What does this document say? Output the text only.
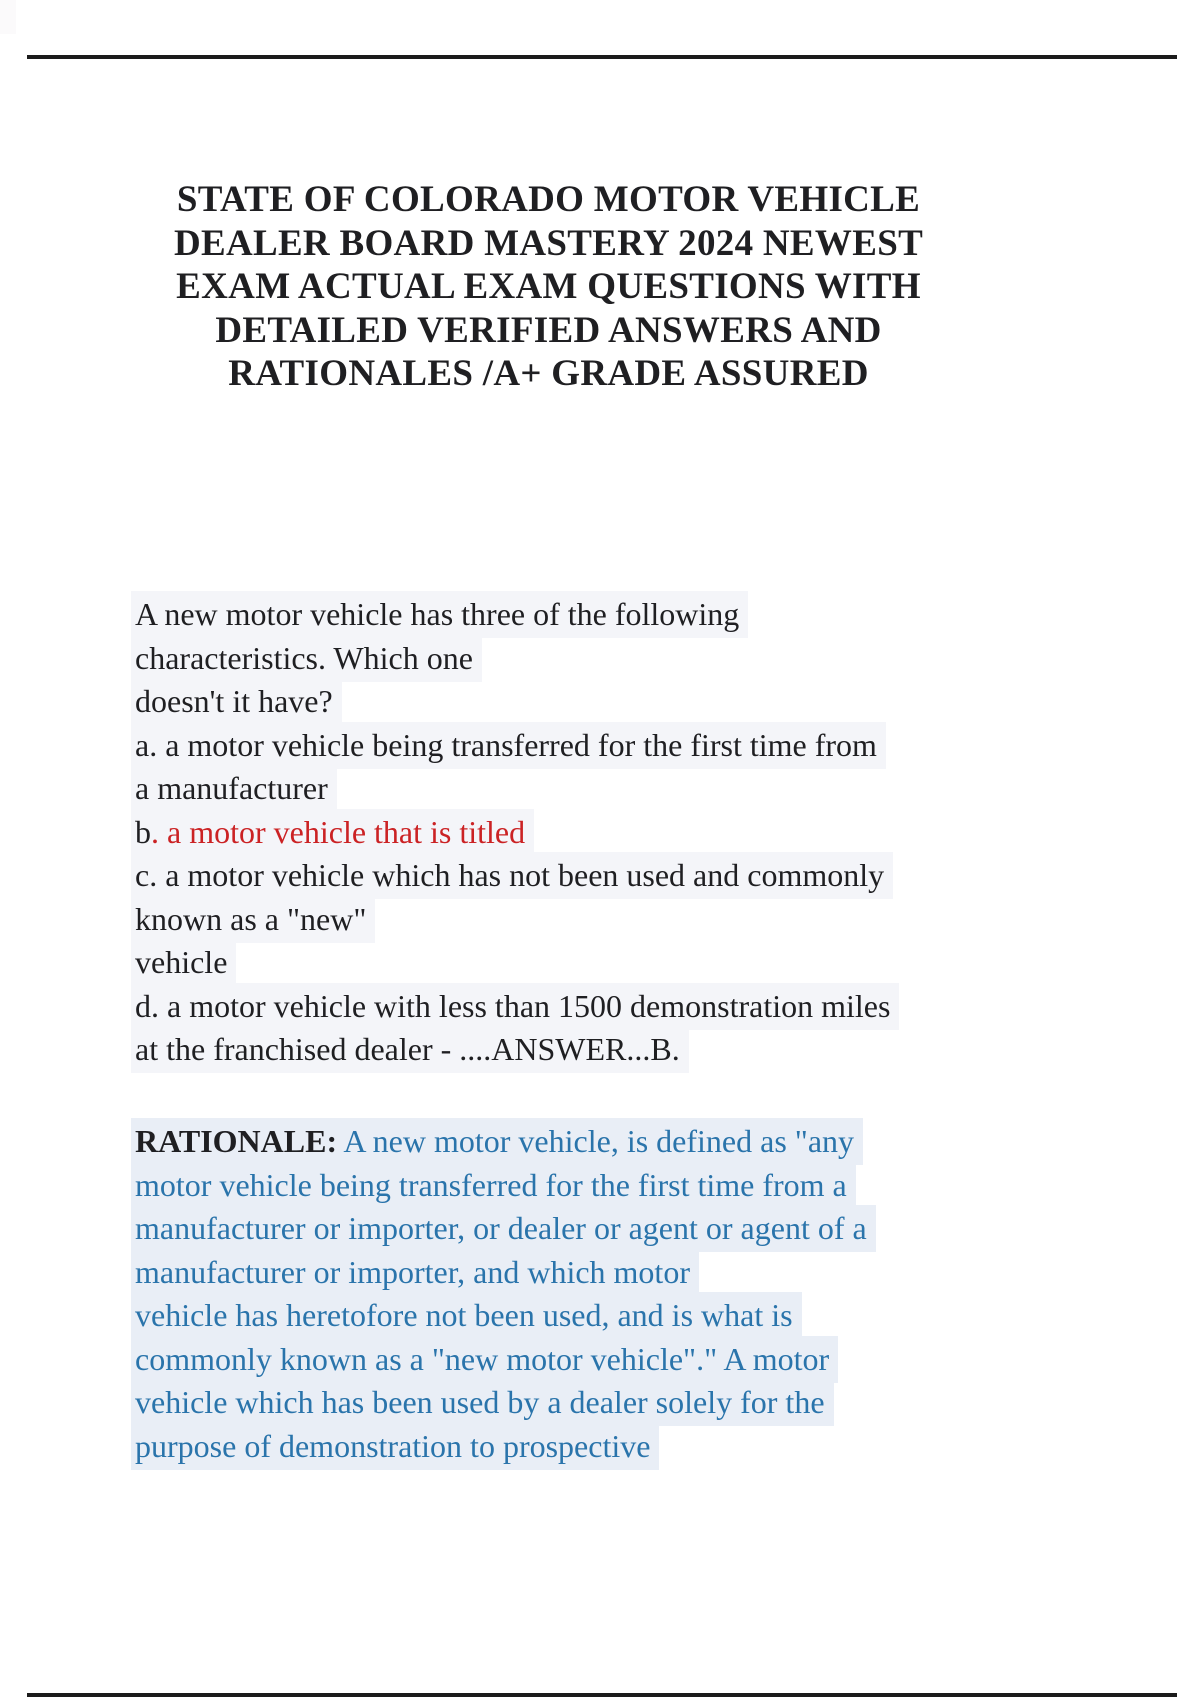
STATE OF COLORADO MOTOR VEHICLE
DEALER BOARD MASTERY 2024 NEWEST
EXAM ACTUAL EXAM QUESTIONS WITH
DETAILED VERIFIED ANSWERS AND
RATIONALES /A+ GRADE ASSURED
A new motor vehicle has three of the following
characteristics. Which one
doesn't it have?
a. a motor vehicle being transferred for the first time from
a manufacturer
b. a motor vehicle that is titled
c. a motor vehicle which has not been used and commonly
known as a "new"
vehicle
d. a motor vehicle with less than 1500 demonstration miles
at the franchised dealer - ....ANSWER...B.
RATIONALE: A new motor vehicle, is defined as "any
motor vehicle being transferred for the first time from a
manufacturer or importer, or dealer or agent or agent of a
manufacturer or importer, and which motor
vehicle has heretofore not been used, and is what is
commonly known as a "new motor vehicle"." A motor
vehicle which has been used by a dealer solely for the
purpose of demonstration to prospective
